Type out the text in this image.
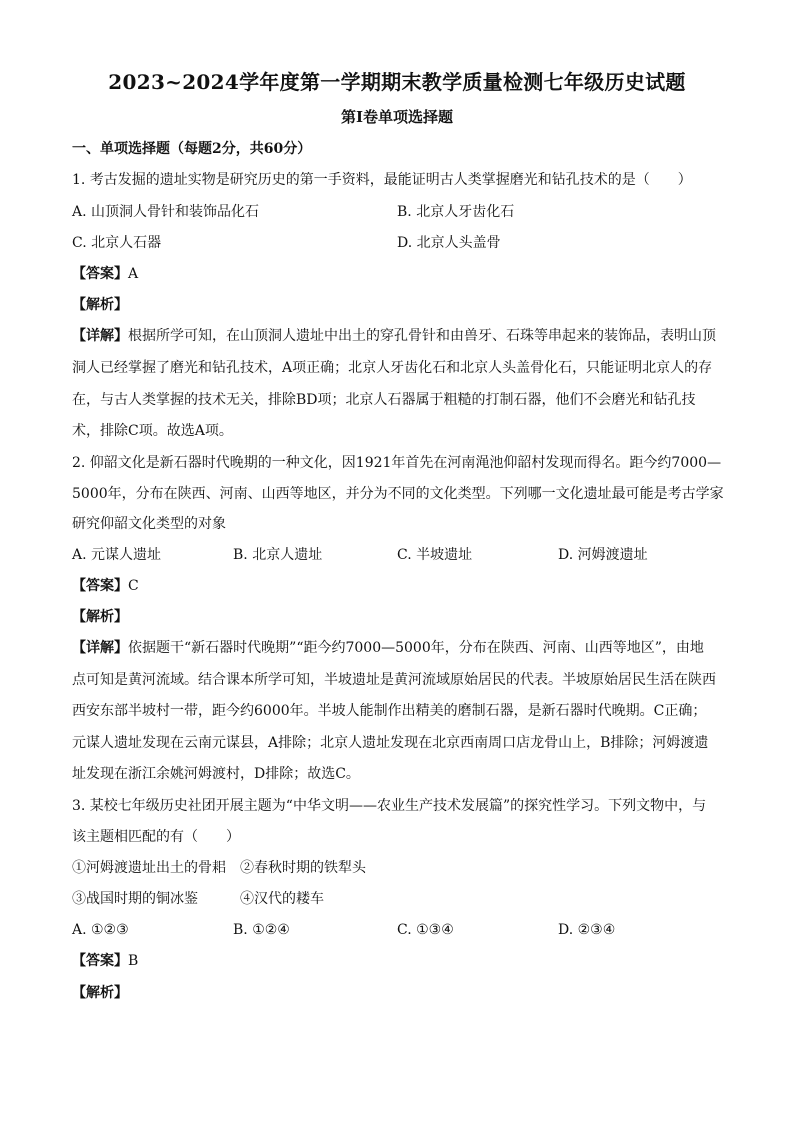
2023~2024学年度第一学期期末教学质量检测七年级历史试题
第Ⅰ卷单项选择题
一、单项选择题（每题2分，共60分）
1. 考古发掘的遗址实物是研究历史的第一手资料，最能证明古人类掌握磨光和钻孔技术的是（　　）
A. 山顶洞人骨针和装饰品化石	B. 北京人牙齿化石
C. 北京人石器	D. 北京人头盖骨
【答案】A
【解析】
【详解】根据所学可知，在山顶洞人遗址中出土的穿孔骨针和由兽牙、石珠等串起来的装饰品，表明山顶
洞人已经掌握了磨光和钻孔技术，A项正确；北京人牙齿化石和北京人头盖骨化石，只能证明北京人的存
在，与古人类掌握的技术无关，排除BD项；北京人石器属于粗糙的打制石器，他们不会磨光和钻孔技
术，排除C项。故选A项。
2. 仰韶文化是新石器时代晚期的一种文化，因1921年首先在河南渑池仰韶村发现而得名。距今约7000—
5000年，分布在陕西、河南、山西等地区，并分为不同的文化类型。下列哪一文化遗址最可能是考古学家
研究仰韶文化类型的对象
A. 元谋人遗址	B. 北京人遗址	C. 半坡遗址	D. 河姆渡遗址
【答案】C
【解析】
【详解】依据题干“新石器时代晚期”“距今约7000—5000年，分布在陕西、河南、山西等地区”，由地
点可知是黄河流域。结合课本所学可知，半坡遗址是黄河流域原始居民的代表。半坡原始居民生活在陕西
西安东部半坡村一带，距今约6000年。半坡人能制作出精美的磨制石器，是新石器时代晚期。C正确；
元谋人遗址发现在云南元谋县，A排除；北京人遗址发现在北京西南周口店龙骨山上，B排除；河姆渡遗
址发现在浙江余姚河姆渡村，D排除；故选C。
3. 某校七年级历史社团开展主题为“中华文明——农业生产技术发展篇”的探究性学习。下列文物中，与
该主题相匹配的有（　　）
①河姆渡遗址出土的骨耜　②春秋时期的铁犁头
③战国时期的铜冰鉴　　　④汉代的耧车
A. ①②③	B. ①②④	C. ①③④	D. ②③④
【答案】B
【解析】
